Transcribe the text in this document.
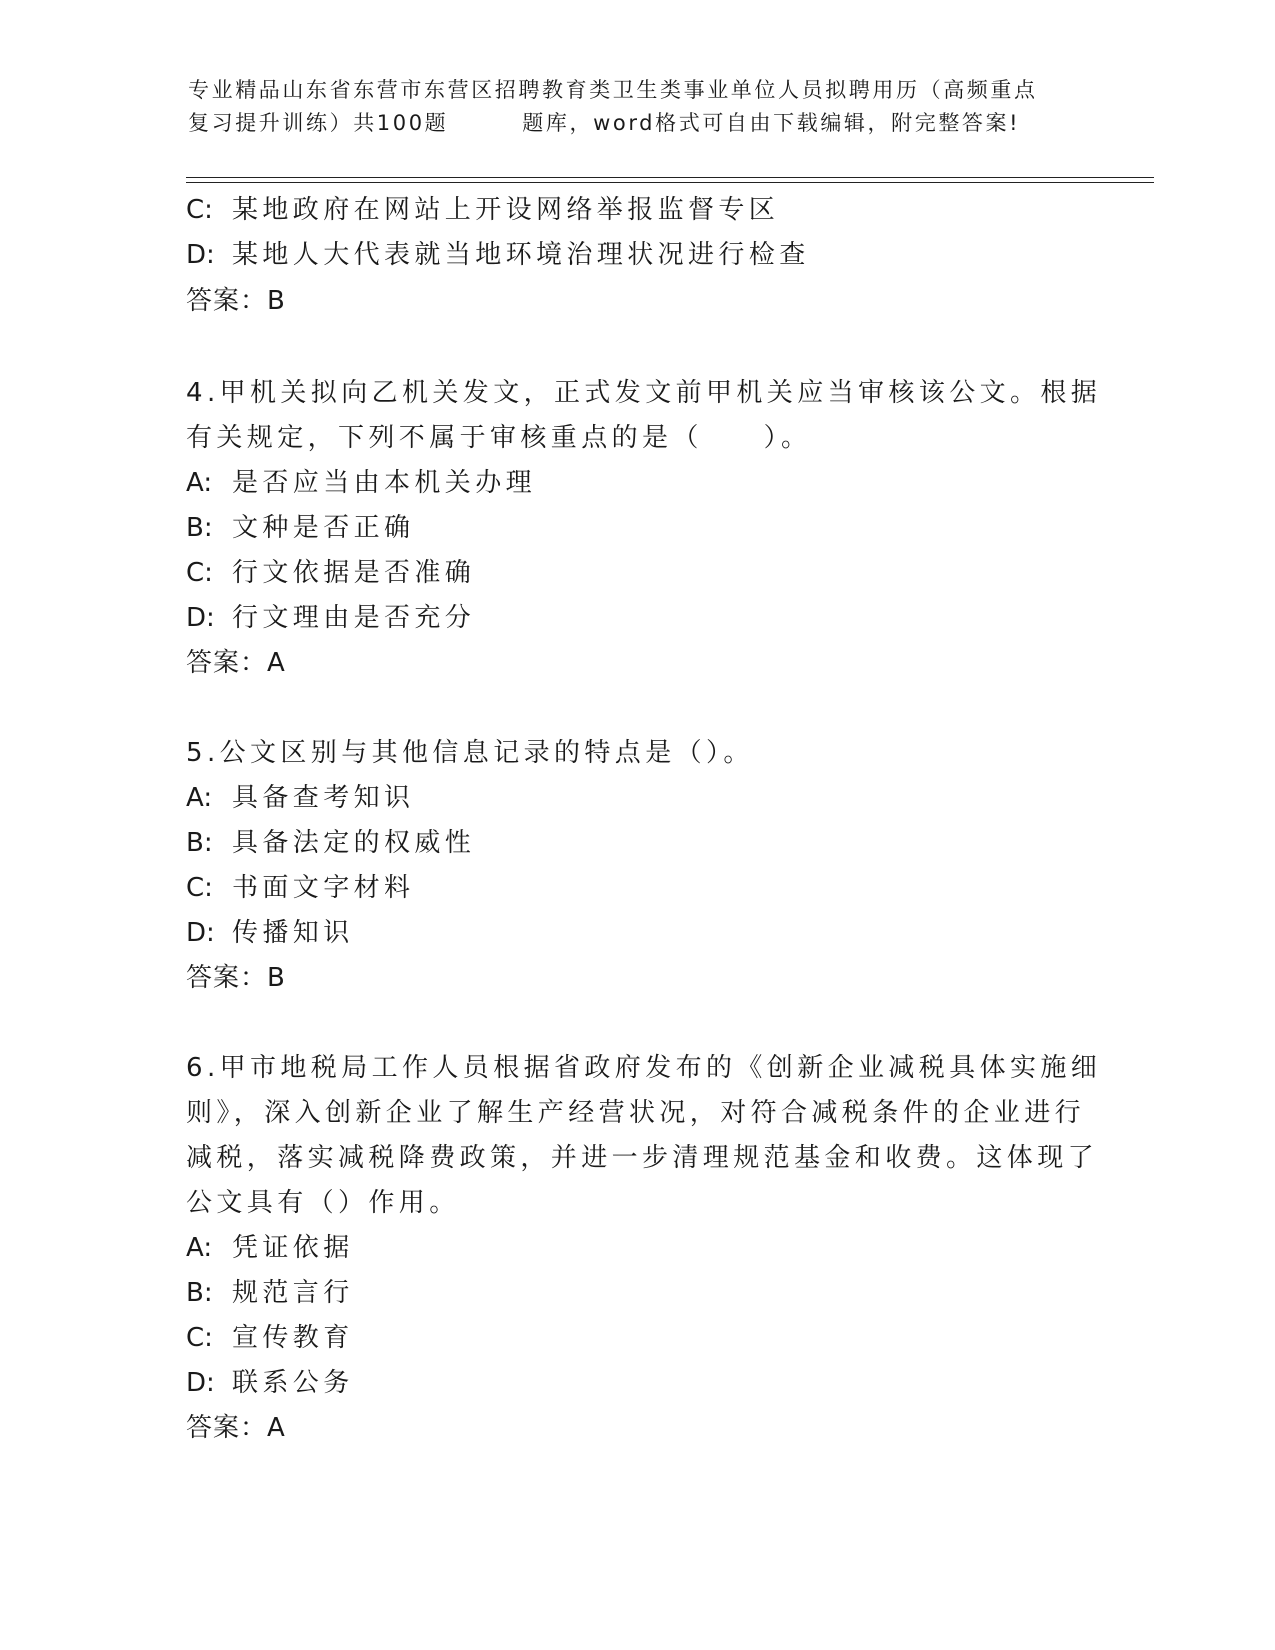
专业精品山东省东营市东营区招聘教育类卫生类事业单位人员拟聘用历（高频重点
复习提升训练）共100题	题库，word格式可自由下载编辑，附完整答案!
C: 某地政府在网站上开设网络举报监督专区
D: 某地人大代表就当地环境治理状况进行检查
答案：B
4.甲机关拟向乙机关发文，正式发文前甲机关应当审核该公文。根据
有关规定，下列不属于审核重点的是（　　）。
A: 是否应当由本机关办理
B: 文种是否正确
C: 行文依据是否准确
D: 行文理由是否充分
答案：A
5.公文区别与其他信息记录的特点是（）。
A: 具备查考知识
B: 具备法定的权威性
C: 书面文字材料
D: 传播知识
答案：B
6.甲市地税局工作人员根据省政府发布的《创新企业减税具体实施细
则》，深入创新企业了解生产经营状况，对符合减税条件的企业进行
减税，落实减税降费政策，并进一步清理规范基金和收费。这体现了
公文具有（）作用。
A: 凭证依据
B: 规范言行
C: 宣传教育
D: 联系公务
答案：A
